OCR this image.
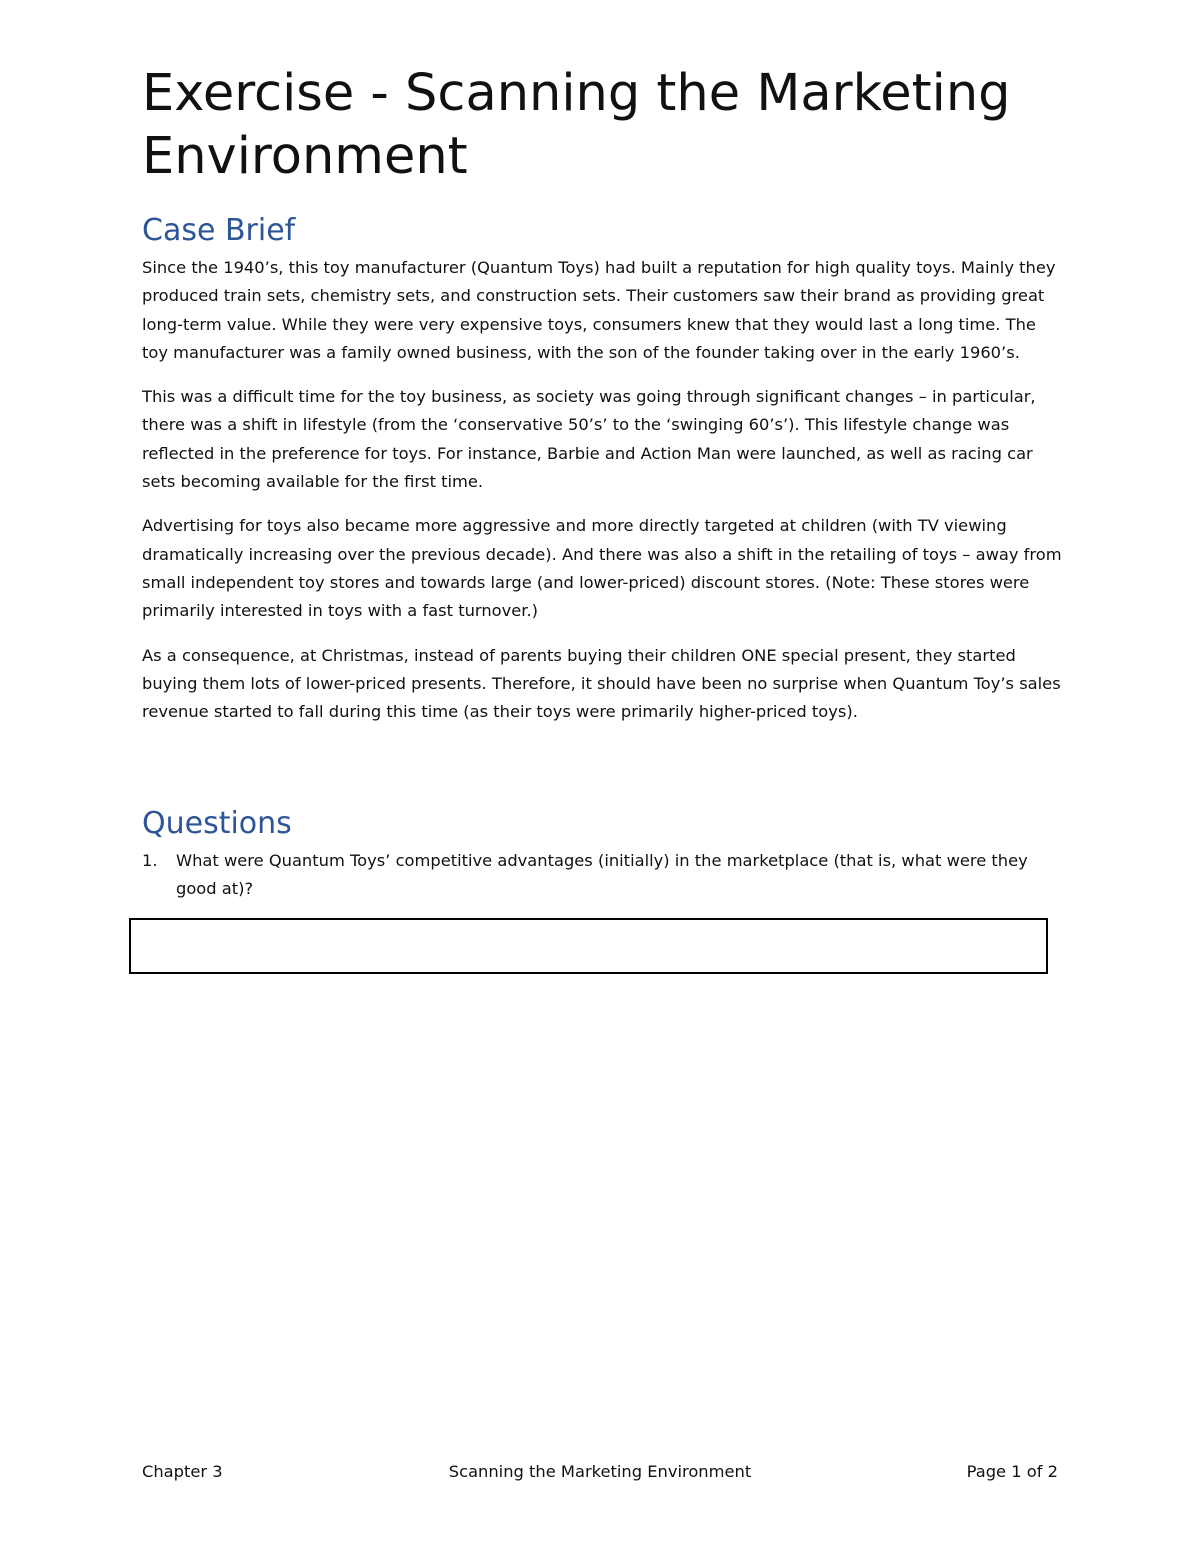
Exercise - Scanning the Marketing Environment
Case Brief

Since the 1940’s, this toy manufacturer (Quantum Toys) had built a reputation for high quality toys. Mainly they produced train sets, chemistry sets, and construction sets. Their customers saw their brand as providing great long-term value. While they were very expensive toys, consumers knew that they would last a long time. The toy manufacturer was a family owned business, with the son of the founder taking over in the early 1960’s.

This was a difficult time for the toy business, as society was going through significant changes – in particular, there was a shift in lifestyle (from the ‘conservative 50’s’ to the ‘swinging 60’s’). This lifestyle change was reflected in the preference for toys. For instance, Barbie and Action Man were launched, as well as racing car sets becoming available for the first time.

Advertising for toys also became more aggressive and more directly targeted at children (with TV viewing dramatically increasing over the previous decade). And there was also a shift in the retailing of toys – away from small independent toy stores and towards large (and lower-priced) discount stores. (Note: These stores were primarily interested in toys with a fast turnover.)

As a consequence, at Christmas, instead of parents buying their children ONE special present, they started buying them lots of lower-priced presents. Therefore, it should have been no surprise when Quantum Toy’s sales revenue started to fall during this time (as their toys were primarily higher-priced toys).

Questions
1.	What were Quantum Toys’ competitive advantages (initially) in the marketplace (that is, what were they good at)?
Chapter 3	Scanning the Marketing Environment	Page 1 of 2
